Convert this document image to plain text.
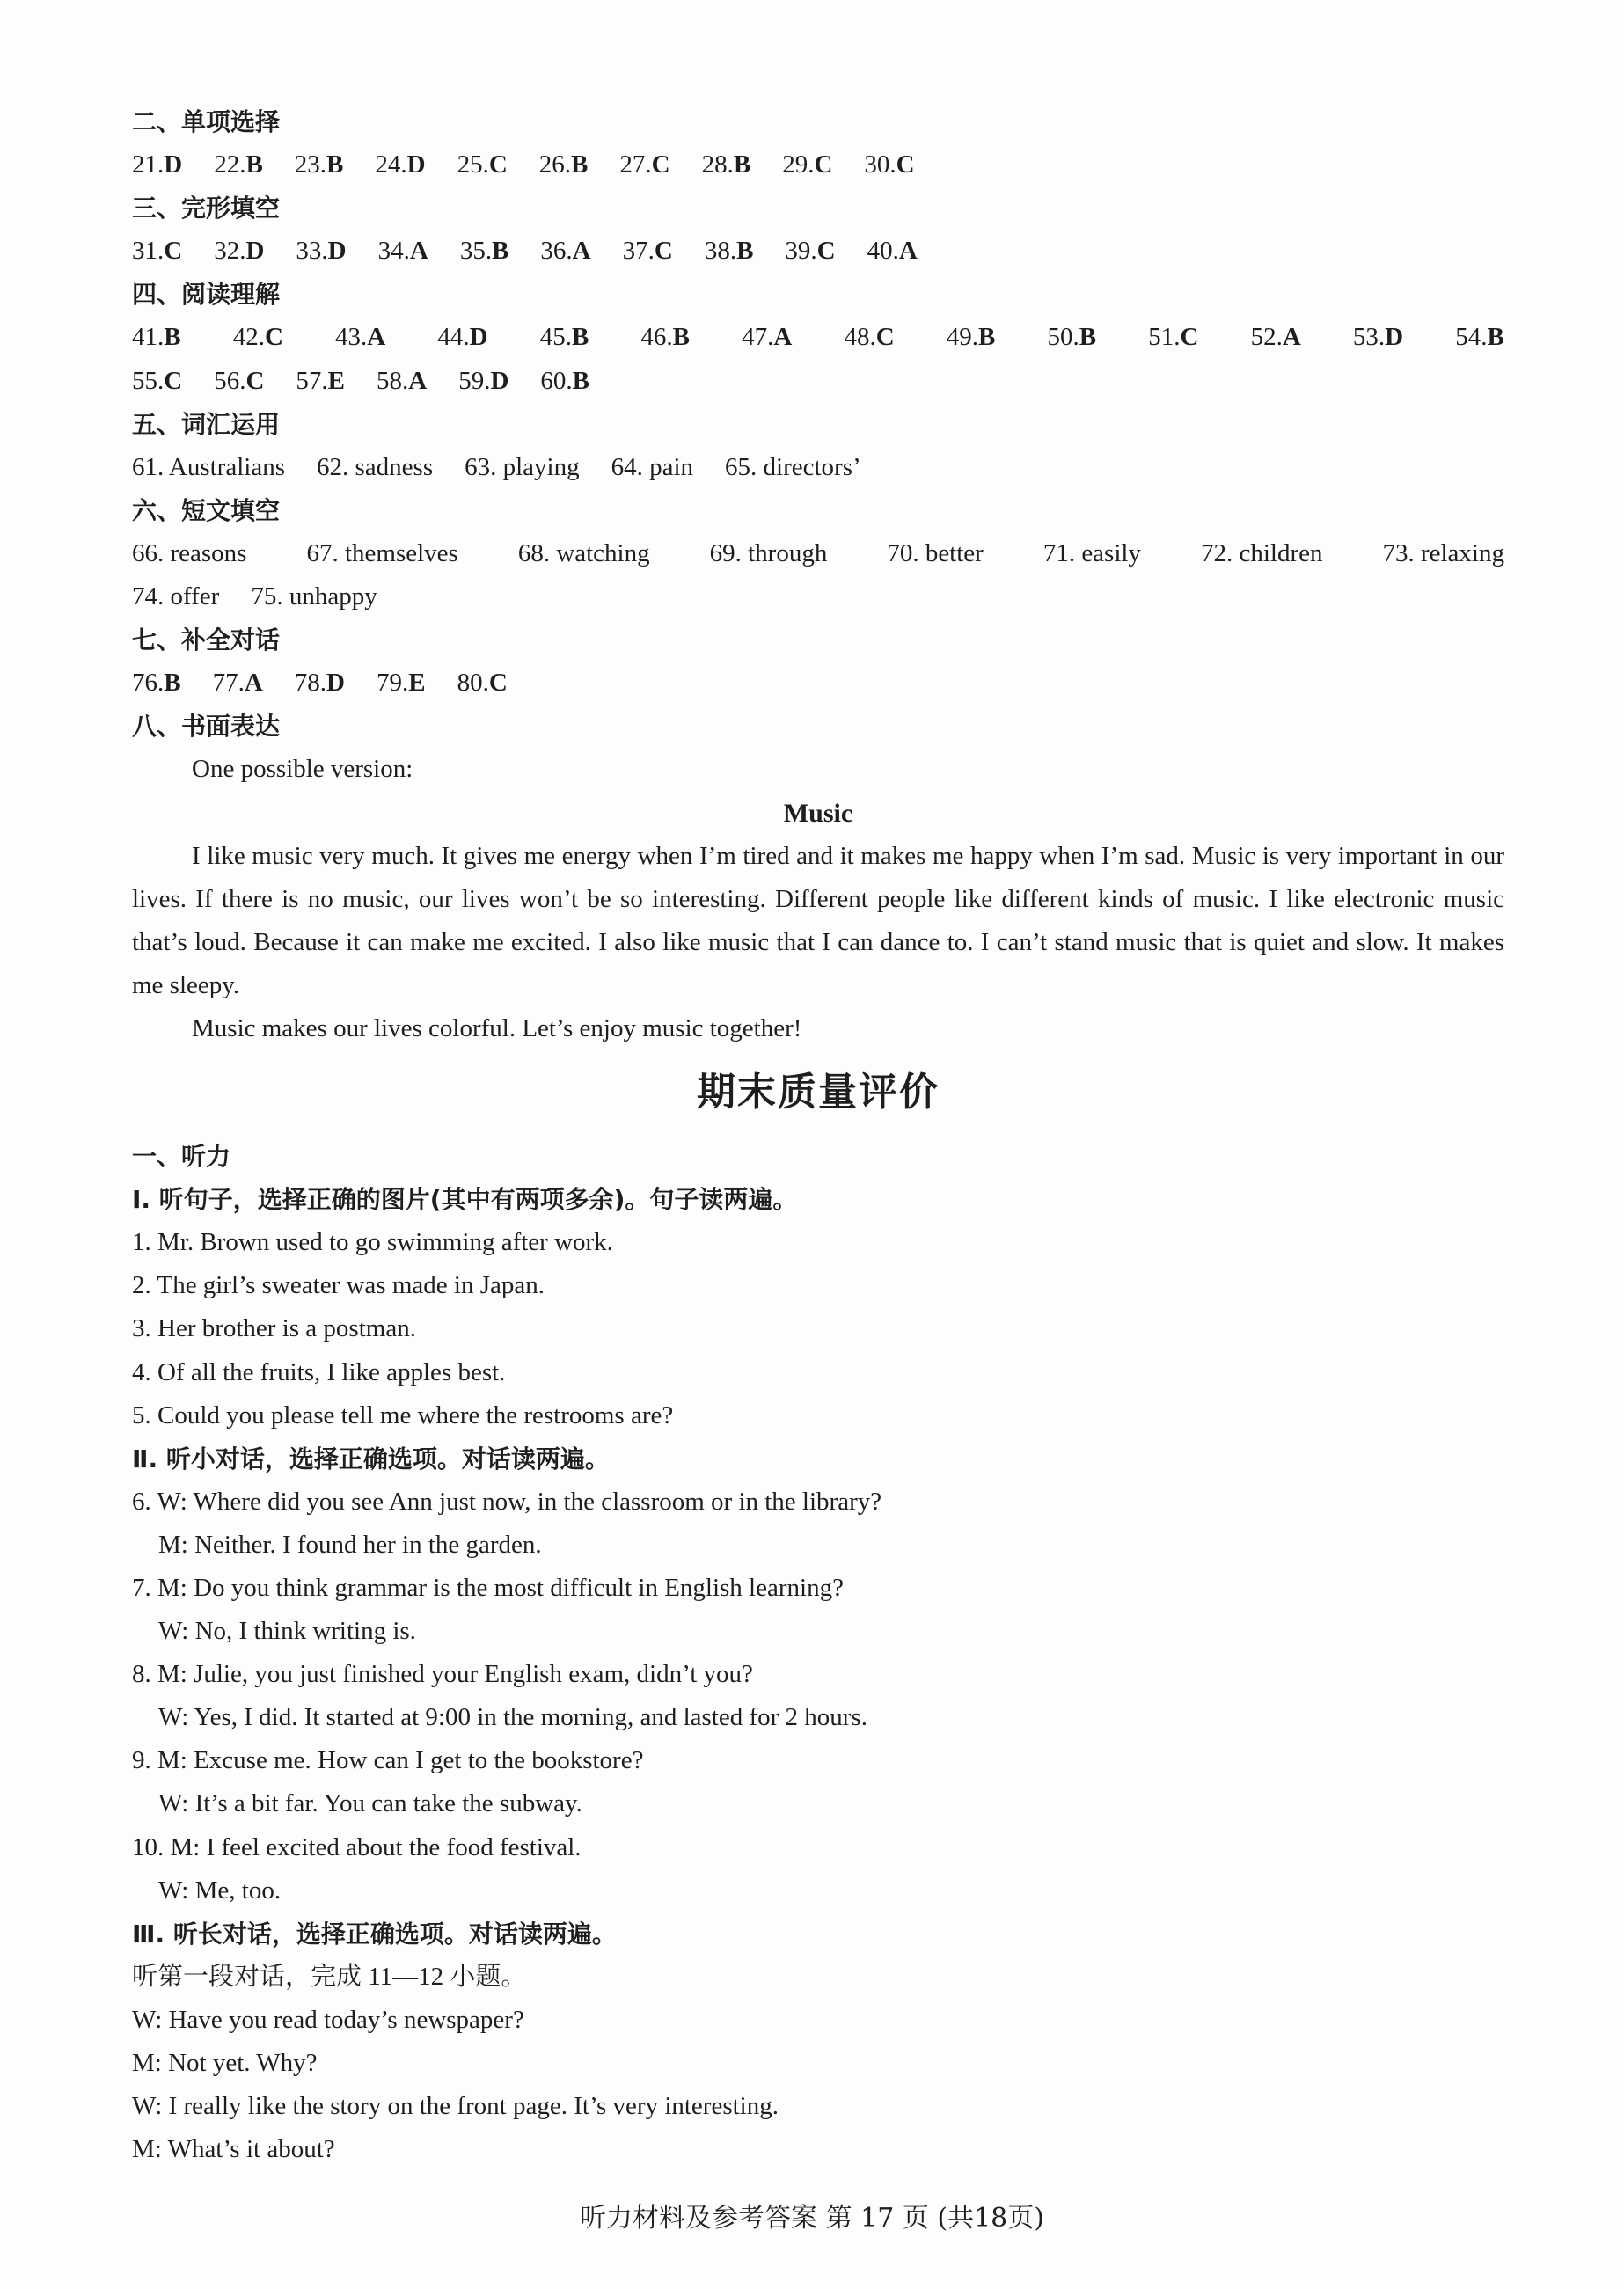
二、单项选择
21.D 22.B 23.B 24.D 25.C 26.B 27.C 28.B 29.C 30.C
三、完形填空
31.C 32.D 33.D 34.A 35.B 36.A 37.C 38.B 39.C 40.A
四、阅读理解
41.B 42.C 43.A 44.D 45.B 46.B 47.A 48.C 49.B 50.B 51.C 52.A 53.D 54.B
55.C 56.C 57.E 58.A 59.D 60.B
五、词汇运用
61. Australians 62. sadness 63. playing 64. pain 65. directors’
六、短文填空
66. reasons 67. themselves 68. watching 69. through 70. better 71. easily 72. children 73. relaxing
74. offer 75. unhappy
七、补全对话
76.B 77.A 78.D 79.E 80.C
八、书面表达
One possible version:
Music

I like music very much. It gives me energy when I’m tired and it makes me happy when I’m sad. Music is very important in our lives. If there is no music, our lives won’t be so interesting. Different people like different kinds of music. I like electronic music that’s loud. Because it can make me excited. I also like music that I can dance to. I can’t stand music that is quiet and slow. It makes me sleepy.

Music makes our lives colorful. Let’s enjoy music together!

期末质量评价
一、听力
Ⅰ. 听句子，选择正确的图片(其中有两项多余)。句子读两遍。
1. Mr. Brown used to go swimming after work.
2. The girl’s sweater was made in Japan.
3. Her brother is a postman.
4. Of all the fruits, I like apples best.
5. Could you please tell me where the restrooms are?
Ⅱ. 听小对话，选择正确选项。对话读两遍。
6. W: Where did you see Ann just now, in the classroom or in the library?
M: Neither. I found her in the garden.
7. M: Do you think grammar is the most difficult in English learning?
W: No, I think writing is.
8. M: Julie, you just finished your English exam, didn’t you?
W: Yes, I did. It started at 9:00 in the morning, and lasted for 2 hours.
9. M: Excuse me. How can I get to the bookstore?
W: It’s a bit far. You can take the subway.
10. M: I feel excited about the food festival.
W: Me, too.
Ⅲ. 听长对话，选择正确选项。对话读两遍。
听第一段对话，完成 11—12 小题。
W: Have you read today’s newspaper?
M: Not yet. Why?
W: I really like the story on the front page. It’s very interesting.
M: What’s it about?
听力材料及参考答案 第 17 页 (共18页)
